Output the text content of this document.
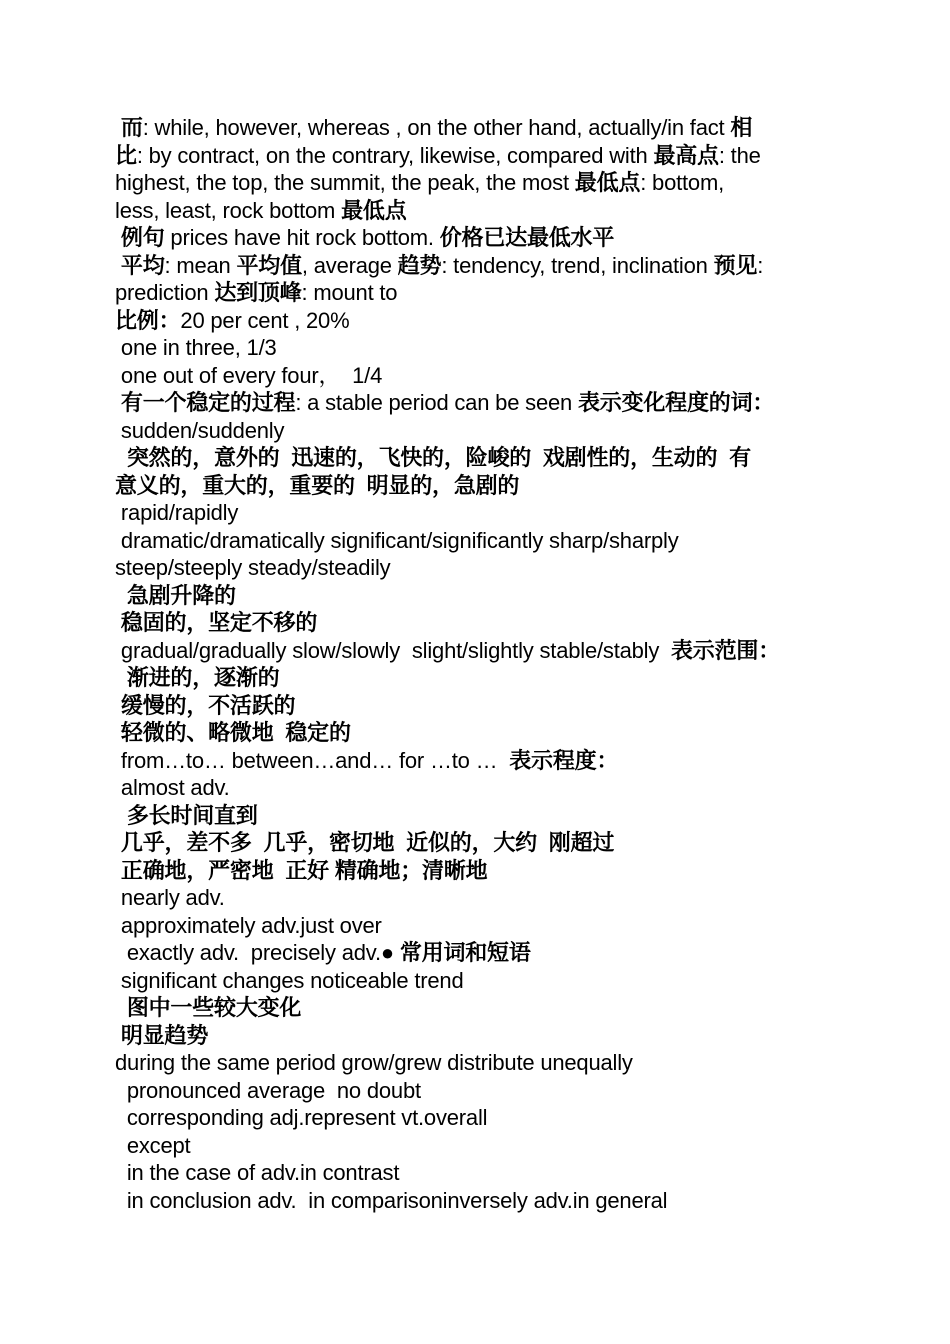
而: while, however, whereas , on the other hand, actually/in fact 相
比: by contract, on the contrary, likewise, compared with 最高点: the
highest, the top, the summit, the peak, the most 最低点: bottom,
less, least, rock bottom 最低点
例句 prices have hit rock bottom. 价格已达最低水平
平均: mean 平均值, average 趋势: tendency, trend, inclination 预见:
prediction 达到顶峰: mount to
比例：20 per cent , 20%
one in three, 1/3
one out of every four，  1/4
有一个稳定的过程: a stable period can be seen 表示变化程度的词：
sudden/suddenly
突然的，意外的  迅速的，飞快的，险峻的  戏剧性的，生动的  有
意义的，重大的，重要的  明显的，急剧的
rapid/rapidly
dramatic/dramatically significant/significantly sharp/sharply
steep/steeply steady/steadily
急剧升降的
稳固的，坚定不移的
gradual/gradually slow/slowly  slight/slightly stable/stably  表示范围：
渐进的，逐渐的
缓慢的，不活跃的
轻微的、略微地  稳定的
from…to… between…and… for …to …  表示程度：
almost adv.
多长时间直到
几乎，差不多  几乎，密切地  近似的，大约  刚超过
正确地，严密地  正好 精确地；清晰地
nearly adv.
approximately adv.just over
exactly adv.  precisely adv.● 常用词和短语
significant changes noticeable trend
图中一些较大变化
明显趋势
during the same period grow/grew distribute unequally
pronounced average  no doubt
corresponding adj.represent vt.overall
except
in the case of adv.in contrast
in conclusion adv.  in comparisoninversely adv.in general
